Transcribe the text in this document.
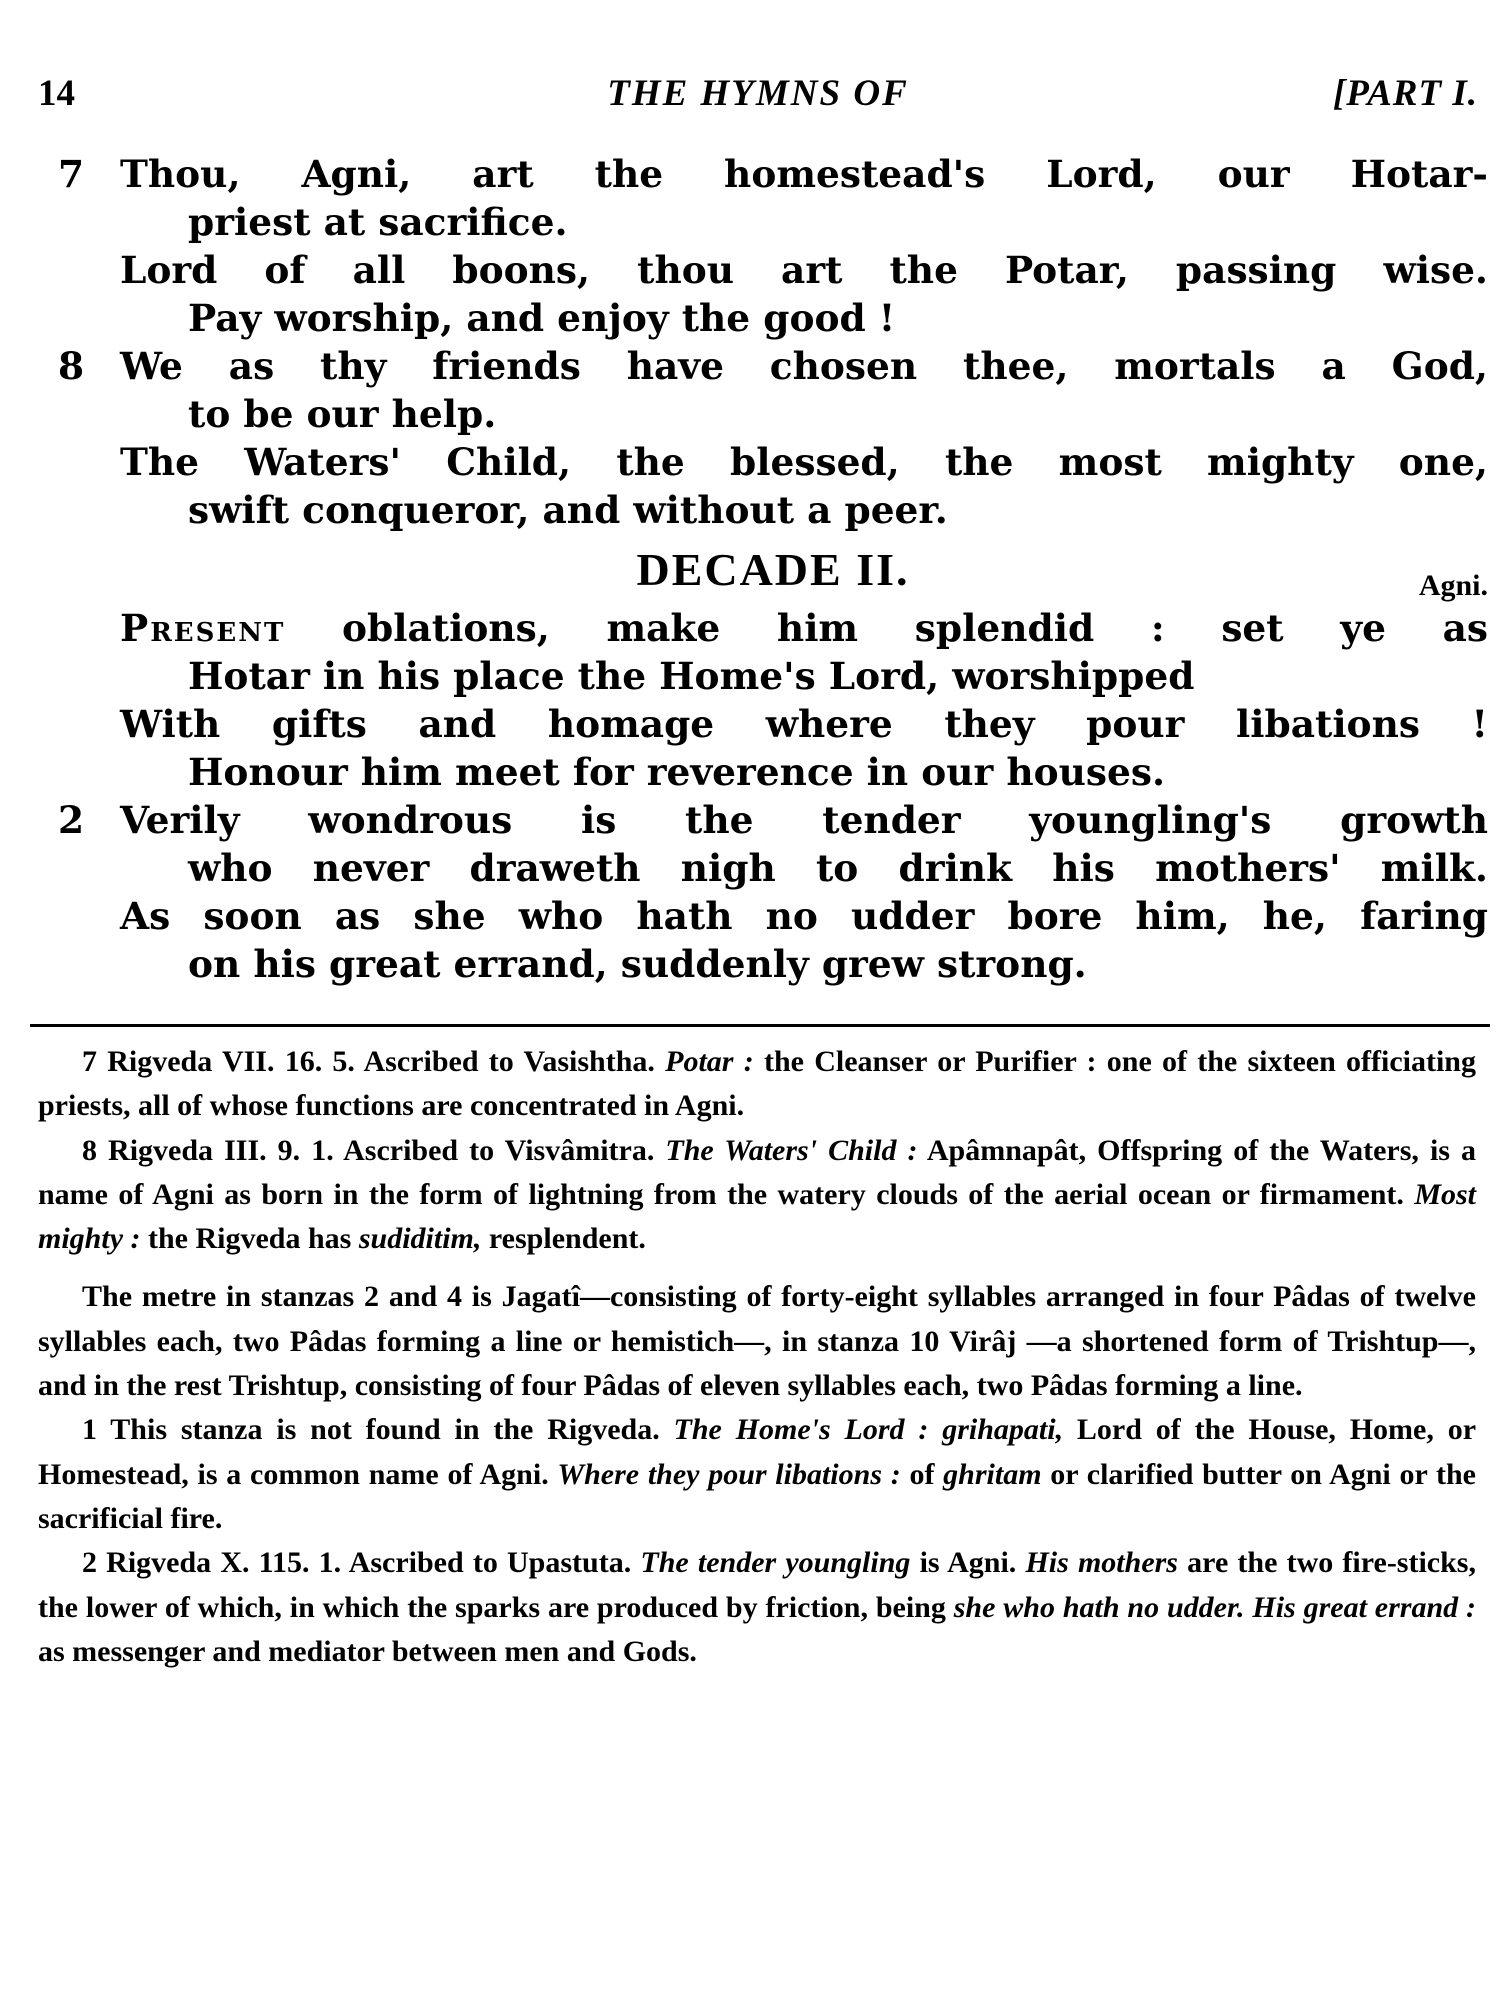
14	THE HYMNS OF	[PART I.
7 Thou, Agni, art the homestead's Lord, our Hotar-
priest at sacrifice.
Lord of all boons, thou art the Potar, passing wise.
Pay worship, and enjoy the good !
8 We as thy friends have chosen thee, mortals a God,
to be our help.
The Waters' Child, the blessed, the most mighty one,
swift conqueror, and without a peer.
DECADE II.	Agni.
Present oblations, make him splendid : set ye as
Hotar in his place the Home's Lord, worshipped
With gifts and homage where they pour libations !
Honour him meet for reverence in our houses.
2 Verily wondrous is the tender youngling's growth
who never draweth nigh to drink his mothers' milk.
As soon as she who hath no udder bore him, he, faring
on his great errand, suddenly grew strong.

7 Rigveda VII. 16. 5. Ascribed to Vasishtha. Potar : the Cleanser or Purifier : one of the sixteen officiating priests, all of whose functions are concentrated in Agni.

8 Rigveda III. 9. 1. Ascribed to Visvâmitra. The Waters' Child : Apâmnapât, Offspring of the Waters, is a name of Agni as born in the form of lightning from the watery clouds of the aerial ocean or firmament. Most mighty : the Rigveda has sudiditim, resplendent.

The metre in stanzas 2 and 4 is Jagatî—consisting of forty-eight syllables arranged in four Pâdas of twelve syllables each, two Pâdas forming a line or hemistich—, in stanza 10 Virâj —a shortened form of Trishtup—, and in the rest Trishtup, consisting of four Pâdas of eleven syllables each, two Pâdas forming a line.

1 This stanza is not found in the Rigveda. The Home's Lord : grihapati, Lord of the House, Home, or Homestead, is a common name of Agni. Where they pour libations : of ghritam or clarified butter on Agni or the sacrificial fire.

2 Rigveda X. 115. 1. Ascribed to Upastuta. The tender youngling is Agni. His mothers are the two fire-sticks, the lower of which, in which the sparks are produced by friction, being she who hath no udder. His great errand : as messenger and mediator between men and Gods.
